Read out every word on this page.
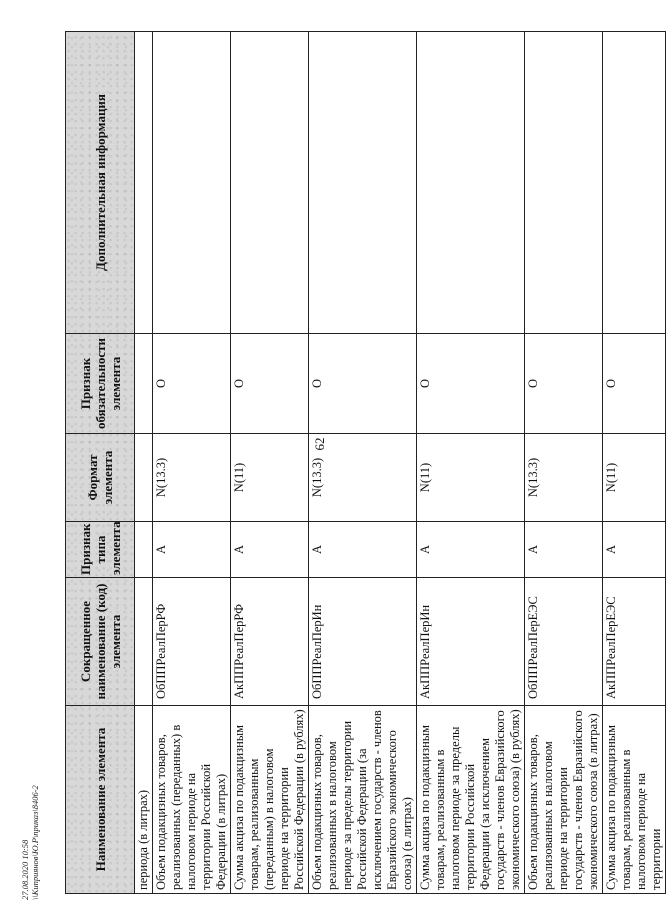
62
Наименование элемента	Сокращенное наименование (код) элемента	Признак типа элемента	Формат элемента	Признак обязательности элемента	Дополнительная информация
периода (в литрах)					
Объем подакцизных товаров, реализованных (переданных) в налоговом периоде на территории Российской Федерации (в литрах)	ОбППРеалПерРФ	А	N(13.3)	О	
Сумма акциза по подакцизным товарам, реализованным (переданным) в налоговом периоде на территории Российской Федерации (в рублях)	АкППРеалПерРФ	А	N(11)	О	
Объем подакцизных товаров, реализованных в налоговом периоде за пределы территории Российской Федерации (за исключением государств - членов Евразийского экономического союза) (в литрах)	ОбППРеалПерИн	А	N(13.3)	О	
Сумма акциза по подакцизным товарам, реализованным в налоговом периоде за пределы территории Российской Федерации (за исключением государств - членов Евразийского экономического союза) (в рублях)	АкППРеалПерИн	А	N(11)	О	
Объем подакцизных товаров, реализованных в налоговом периоде на территории государств - членов Евразийского экономического союза (в литрах)	ОбППРеалПерЕЭС	А	N(13.3)	О	
Сумма акциза по подакцизным товарам, реализованным в налоговом периоде на территории	АкППРеалПерЕЭС	А	N(11)	О	
27.08.2020 10:58 \\Киприянов\Ю.Р\приказ\8406-2
